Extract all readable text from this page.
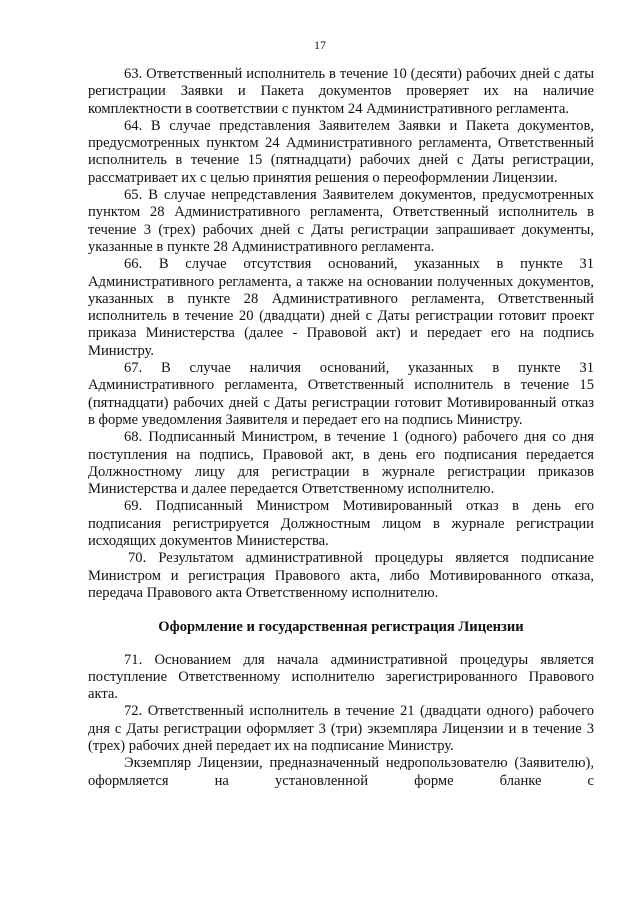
17

63. Ответственный исполнитель в течение 10 (десяти) рабочих дней с даты регистрации Заявки и Пакета документов проверяет их на наличие комплектности в соответствии с пунктом 24 Административного регламента.

64. В случае представления Заявителем Заявки и Пакета документов, предусмотренных пунктом 24 Административного регламента, Ответственный исполнитель в течение 15 (пятнадцати) рабочих дней с Даты регистрации, рассматривает их с целью принятия решения о переоформлении Лицензии.

65. В случае непредставления Заявителем документов, предусмотренных пунктом 28 Административного регламента, Ответственный исполнитель в течение 3 (трех) рабочих дней с Даты регистрации запрашивает документы, указанные в пункте 28 Административного регламента.

66. В случае отсутствия оснований, указанных в пункте 31 Административного регламента, а также на основании полученных документов, указанных в пункте 28 Административного регламента, Ответственный исполнитель в течение 20 (двадцати) дней с Даты регистрации готовит проект приказа Министерства (далее - Правовой акт) и передает его на подпись Министру.

67. В случае наличия оснований, указанных в пункте 31 Административного регламента, Ответственный исполнитель в течение 15 (пятнадцати) рабочих дней с Даты регистрации готовит Мотивированный отказ в форме уведомления Заявителя и передает его на подпись Министру.

68. Подписанный Министром, в течение 1 (одного) рабочего дня со дня поступления на подпись, Правовой акт, в день его подписания передается Должностному лицу для регистрации в журнале регистрации приказов Министерства и далее передается Ответственному исполнителю.

69. Подписанный Министром Мотивированный отказ в день его подписания регистрируется Должностным лицом в журнале регистрации исходящих документов Министерства.

70. Результатом административной процедуры является подписание Министром и регистрация Правового акта, либо Мотивированного отказа, передача Правового акта Ответственному исполнителю.

Оформление и государственная регистрация Лицензии

71. Основанием для начала административной процедуры является поступление Ответственному исполнителю зарегистрированного Правового акта.

72. Ответственный исполнитель в течение 21 (двадцати одного) рабочего дня с Даты регистрации оформляет 3 (три) экземпляра Лицензии и в течение 3 (трех) рабочих дней передает их на подписание Министру.

Экземпляр Лицензии, предназначенный недропользователю (Заявителю), оформляется на установленной форме бланке с
